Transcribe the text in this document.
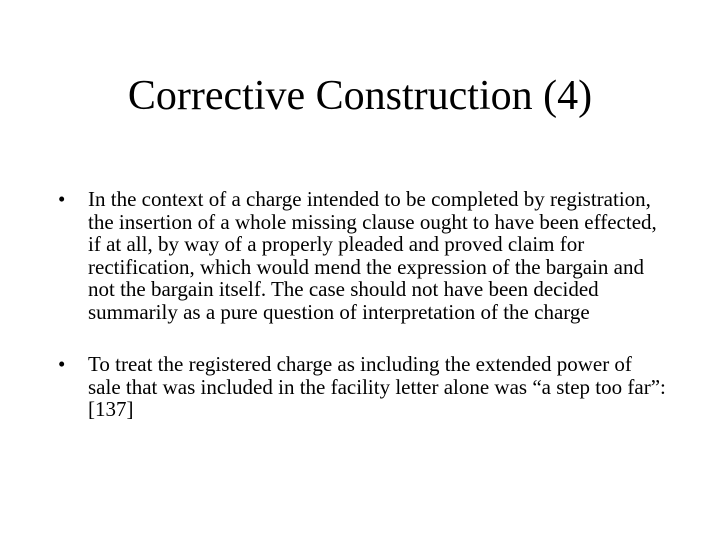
Corrective Construction (4)
•	In the context of a charge intended to be completed by registration, the insertion of a whole missing clause ought to have been effected, if at all, by way of a properly pleaded and proved claim for rectification, which would mend the expression of the bargain and not the bargain itself. The case should not have been decided summarily as a pure question of interpretation of the charge
•	To treat the registered charge as including the extended power of sale that was included in the facility letter alone was “a step too far”: [137]
